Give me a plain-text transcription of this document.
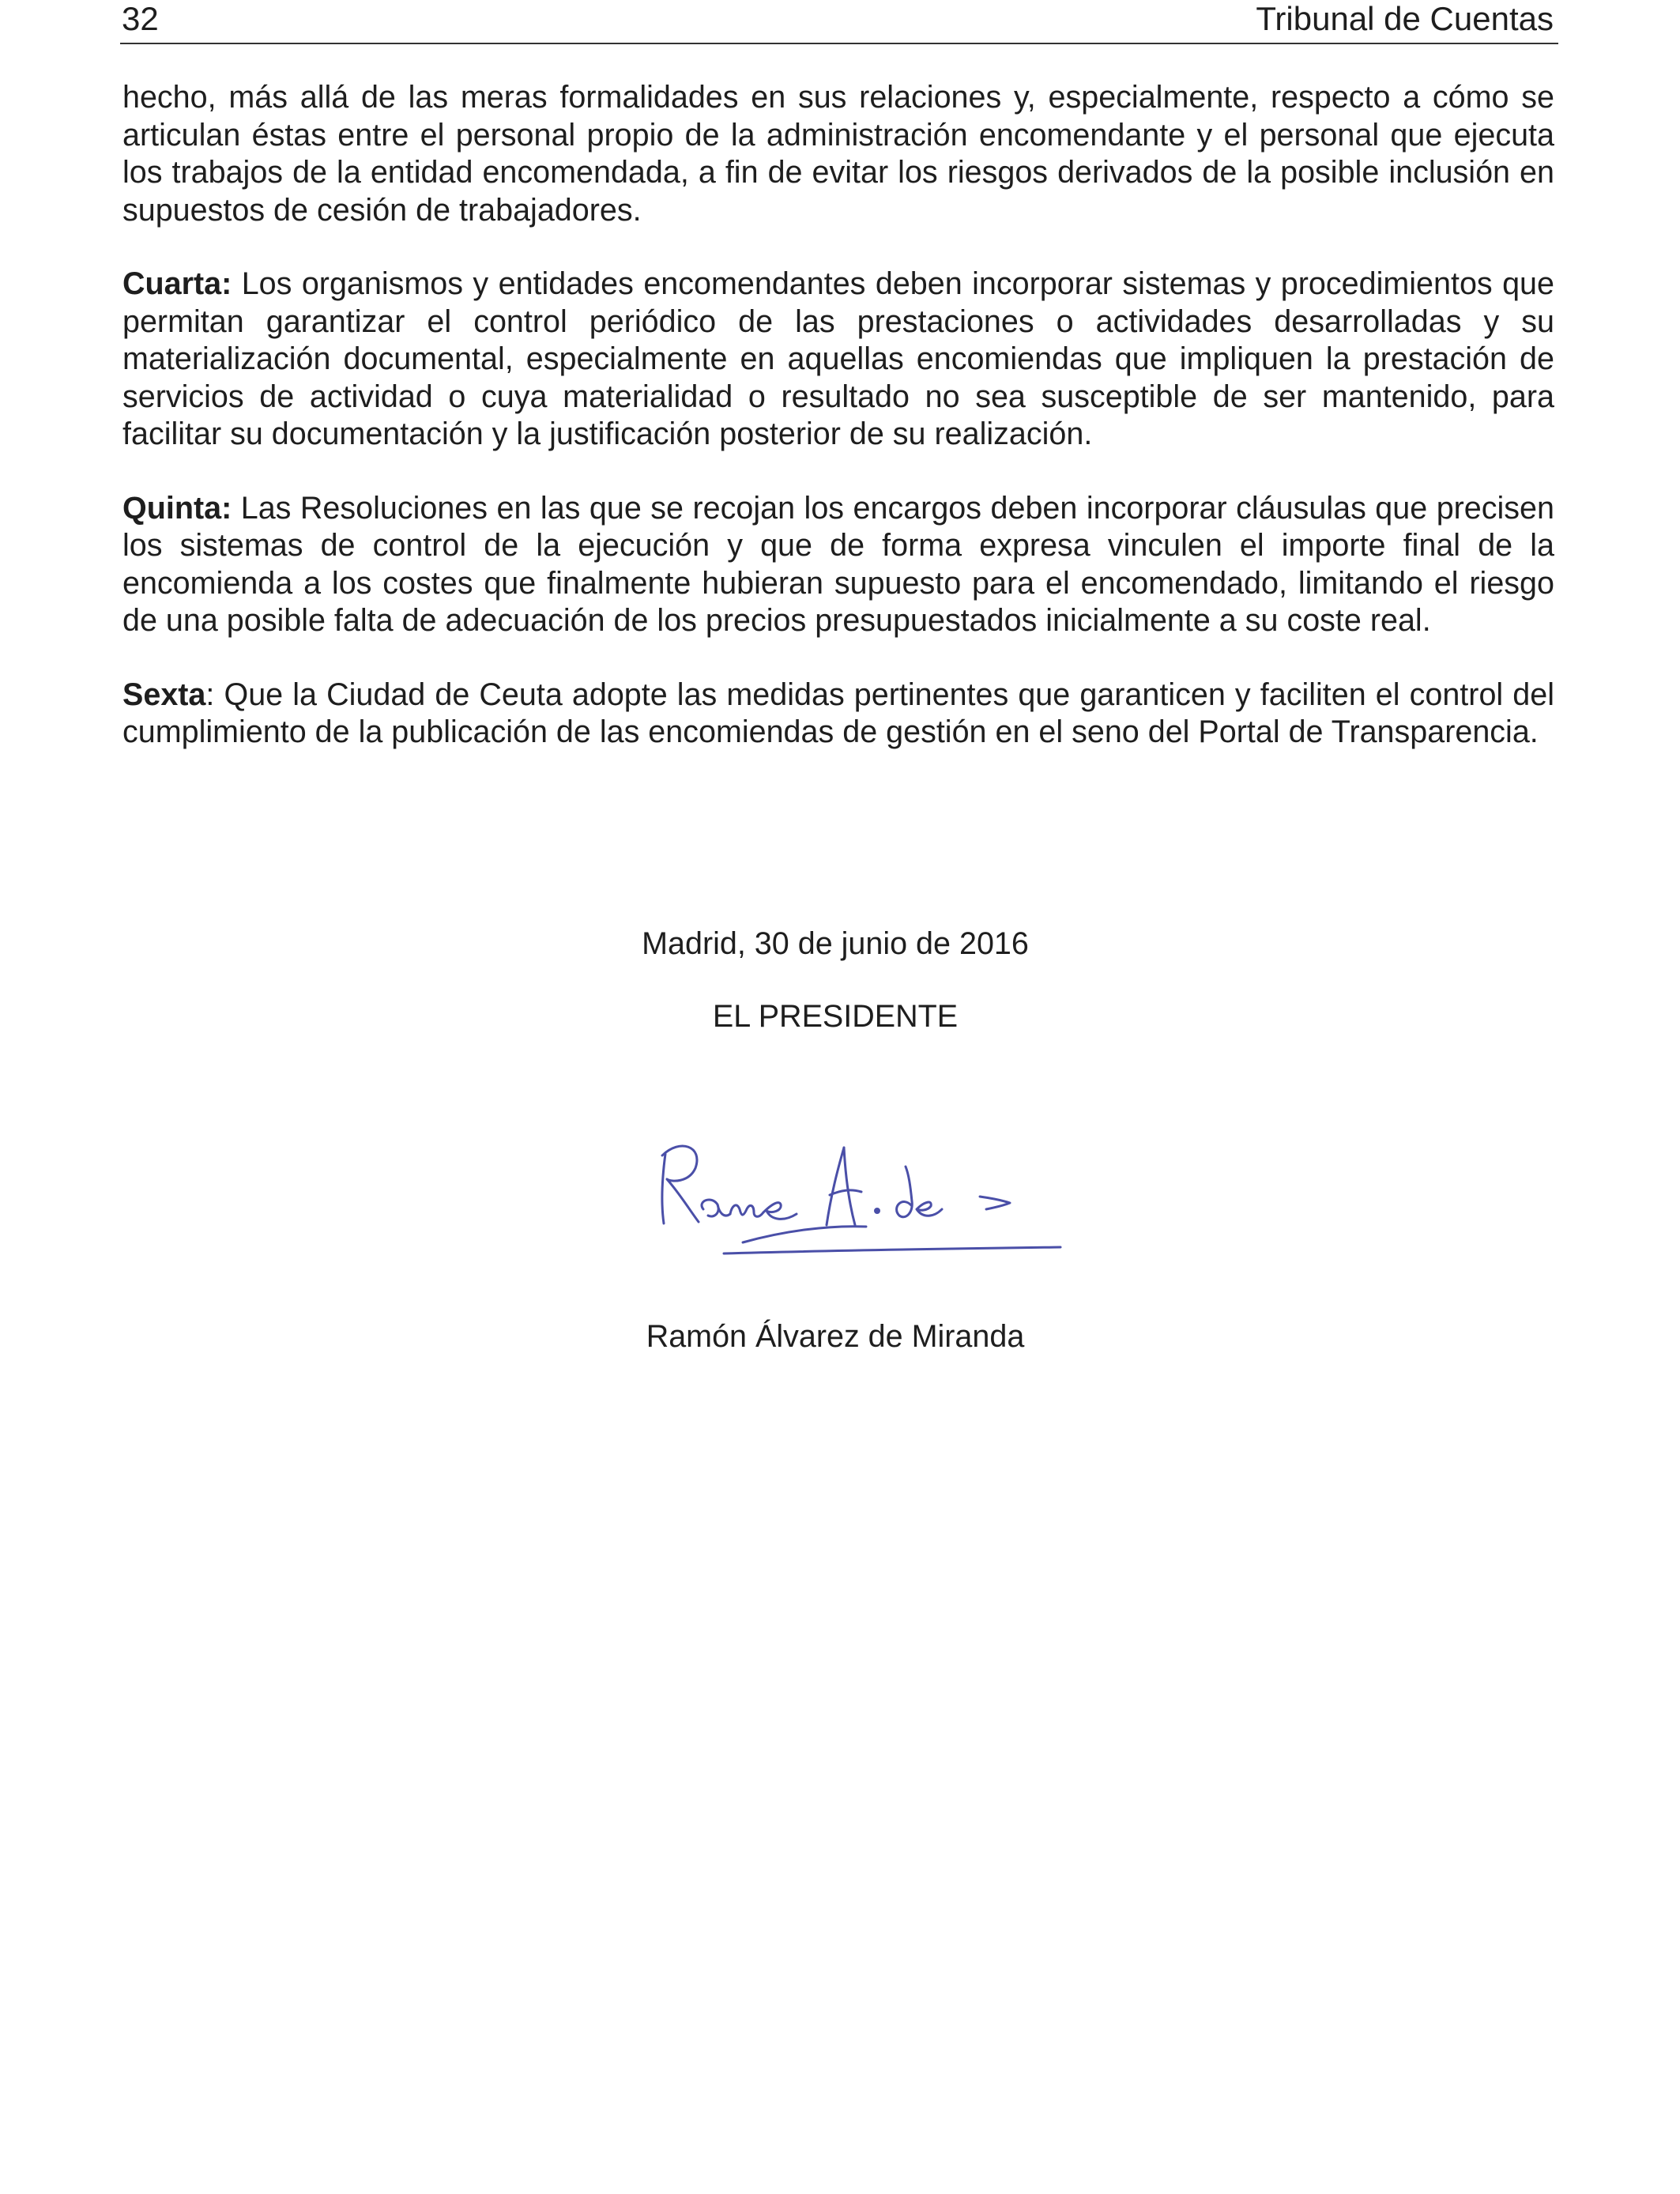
32	Tribunal de Cuentas

hecho, más allá de las meras formalidades en sus relaciones y, especialmente, respecto a cómo se articulan éstas entre el personal propio de la administración encomendante y el personal que ejecuta los trabajos de la entidad encomendada, a fin de evitar los riesgos derivados de la posible inclusión en supuestos de cesión de trabajadores.

Cuarta: Los organismos y entidades encomendantes deben incorporar sistemas y procedimientos que permitan garantizar el control periódico de las prestaciones o actividades desarrolladas y su materialización documental, especialmente en aquellas encomiendas que impliquen la prestación de servicios de actividad o cuya materialidad o resultado no sea susceptible de ser mantenido, para facilitar su documentación y la justificación posterior de su realización.

Quinta: Las Resoluciones en las que se recojan los encargos deben incorporar cláusulas que precisen los sistemas de control de la ejecución y que de forma expresa vinculen el importe final de la encomienda a los costes que finalmente hubieran supuesto para el encomendado, limitando el riesgo de una posible falta de adecuación de los precios presupuestados inicialmente a su coste real.

Sexta: Que la Ciudad de Ceuta adopte las medidas pertinentes que garanticen y faciliten el control del cumplimiento de la publicación de las encomiendas de gestión en el seno del Portal de Transparencia.

Madrid, 30 de junio de 2016
EL PRESIDENTE
Ramón Álvarez de Miranda
